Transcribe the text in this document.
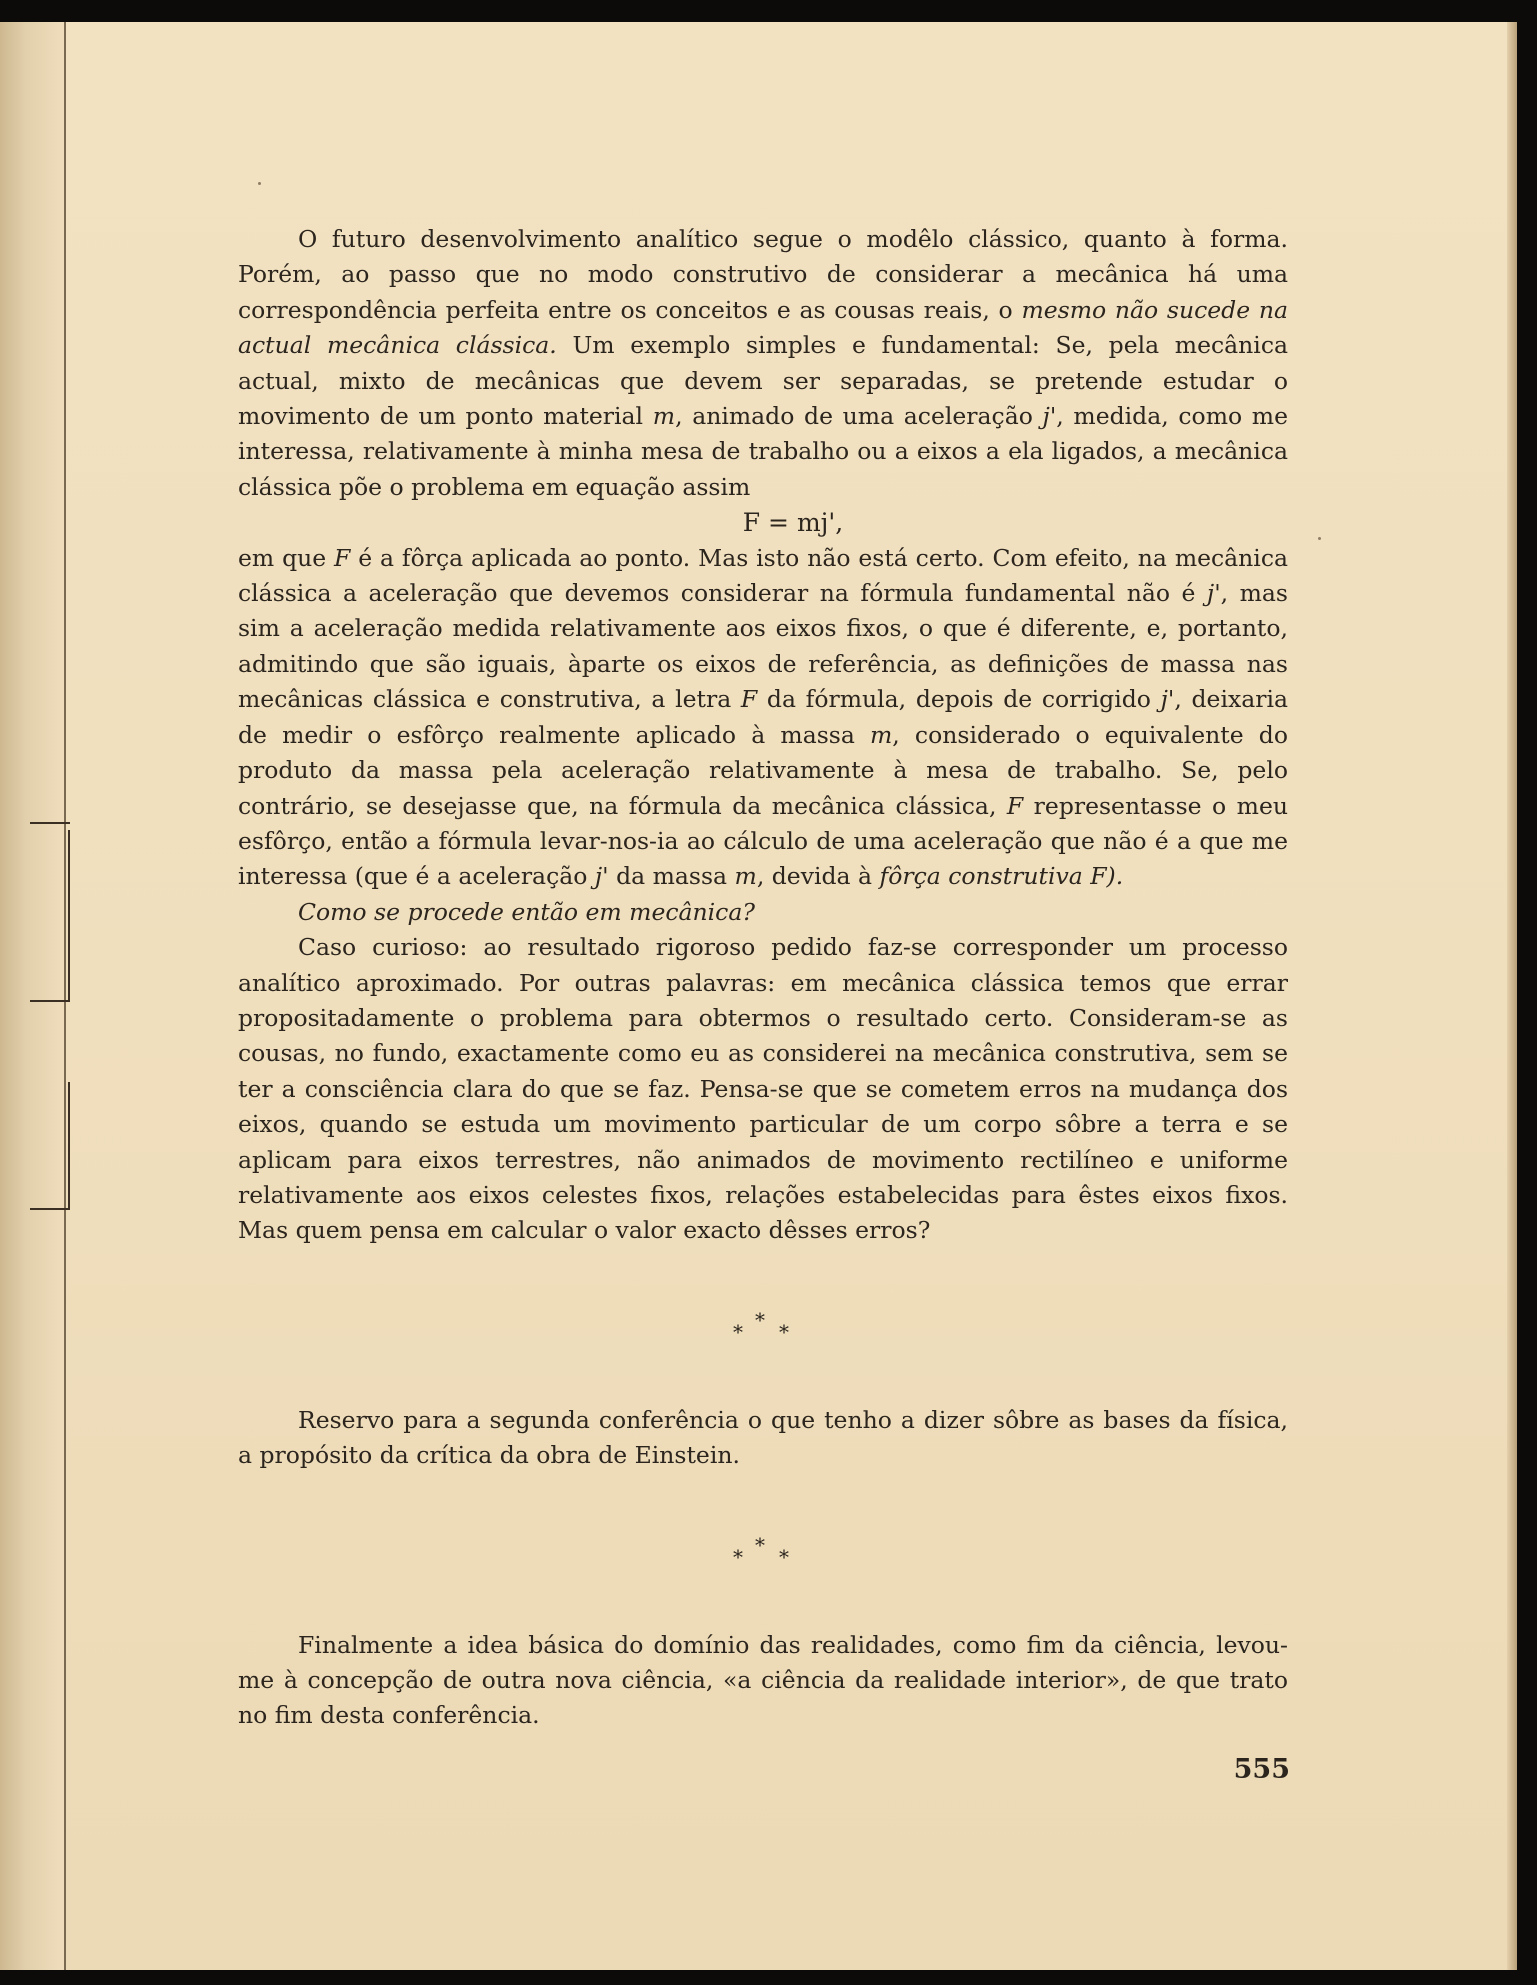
O futuro desenvolvimento analítico segue o modêlo clássico, quanto à forma. Porém, ao passo que no modo construtivo de considerar a mecânica há uma correspondência perfeita entre os conceitos e as cousas reais, o mesmo não sucede na actual mecânica clássica. Um exemplo simples e fundamental: Se, pela mecânica actual, mixto de mecânicas que devem ser separadas, se pretende estudar o movimento de um ponto material m, animado de uma aceleração j', medida, como me interessa, relativamente à minha mesa de trabalho ou a eixos a ela ligados, a mecânica clássica põe o problema em equação assim

F = mj',

em que F é a fôrça aplicada ao ponto. Mas isto não está certo. Com efeito, na mecânica clássica a aceleração que devemos considerar na fórmula fundamental não é j', mas sim a aceleração medida relativamente aos eixos fixos, o que é diferente, e, portanto, admitindo que são iguais, àparte os eixos de referência, as definições de massa nas mecânicas clássica e construtiva, a letra F da fórmula, depois de corrigido j', deixaria de medir o esfôrço realmente aplicado à massa m, considerado o equivalente do produto da massa pela aceleração relativamente à mesa de trabalho. Se, pelo contrário, se desejasse que, na fórmula da mecânica clássica, F representasse o meu esfôrço, então a fórmula levar-nos-ia ao cálculo de uma aceleração que não é a que me interessa (que é a aceleração j' da massa m, devida à fôrça construtiva F).

Como se procede então em mecânica?

Caso curioso: ao resultado rigoroso pedido faz-se corresponder um processo analítico aproximado. Por outras palavras: em mecânica clássica temos que errar propositadamente o problema para obtermos o resultado certo. Consideram-se as cousas, no fundo, exactamente como eu as considerei na mecânica construtiva, sem se ter a consciência clara do que se faz. Pensa-se que se cometem erros na mudança dos eixos, quando se estuda um movimento particular de um corpo sôbre a terra e se aplicam para eixos terrestres, não animados de movimento rectilíneo e uniforme relativamente aos eixos celestes fixos, relações estabelecidas para êstes eixos fixos. Mas quem pensa em calcular o valor exacto dêsses erros?

*
* *

Reservo para a segunda conferência o que tenho a dizer sôbre as bases da física, a propósito da crítica da obra de Einstein.

*
* *

Finalmente a idea básica do domínio das realidades, como fim da ciência, levou-me à concepção de outra nova ciência, «a ciência da realidade interior», de que trato no fim desta conferência.

555
